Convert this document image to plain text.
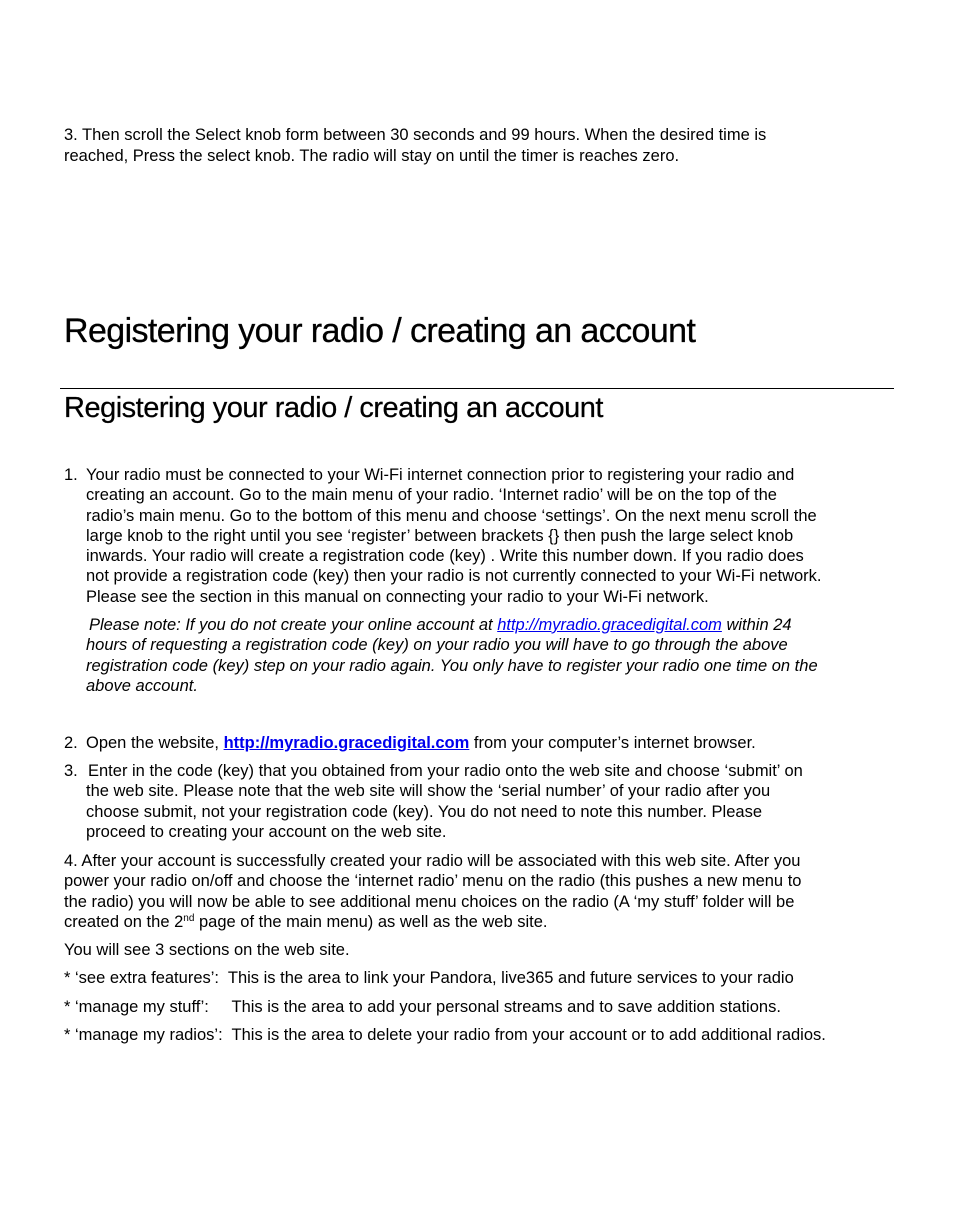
3. Then scroll the Select knob form between 30 seconds and 99 hours. When the desired time is

reached, Press the select knob. The radio will stay on until the timer is reaches zero.

Registering your radio / creating an account
Registering your radio / creating an account
1. Your radio must be connected to your Wi-Fi internet connection prior to registering your radio and
creating an account. Go to the main menu of your radio. ‘Internet radio’ will be on the top of the
radio’s main menu. Go to the bottom of this menu and choose ‘settings’. On the next menu scroll the
large knob to the right until you see ‘register’ between brackets {} then push the large select knob
inwards. Your radio will create a registration code (key) . Write this number down. If you radio does
not provide a registration code (key) then your radio is not currently connected to your Wi-Fi network.
Please see the section in this manual on connecting your radio to your Wi-Fi network.
Please note: If you do not create your online account at http://myradio.gracedigital.com within 24
hours of requesting a registration code (key) on your radio you will have to go through the above
registration code (key) step on your radio again. You only have to register your radio one time on the
above account.
2. Open the website, http://myradio.gracedigital.com from your computer’s internet browser.
3. Enter in the code (key) that you obtained from your radio onto the web site and choose ‘submit’ on
the web site. Please note that the web site will show the ‘serial number’ of your radio after you
choose submit, not your registration code (key). You do not need to note this number. Please
proceed to creating your account on the web site.
4. After your account is successfully created your radio will be associated with this web site. After you
power your radio on/off and choose the ‘internet radio’ menu on the radio (this pushes a new menu to
the radio) you will now be able to see additional menu choices on the radio (A ‘my stuff’ folder will be
created on the 2nd page of the main menu) as well as the web site.

You will see 3 sections on the web site.

* ‘see extra features’:  This is the area to link your Pandora, live365 and future services to your radio

* ‘manage my stuff’:     This is the area to add your personal streams and to save addition stations.

* ‘manage my radios’:  This is the area to delete your radio from your account or to add additional radios.
